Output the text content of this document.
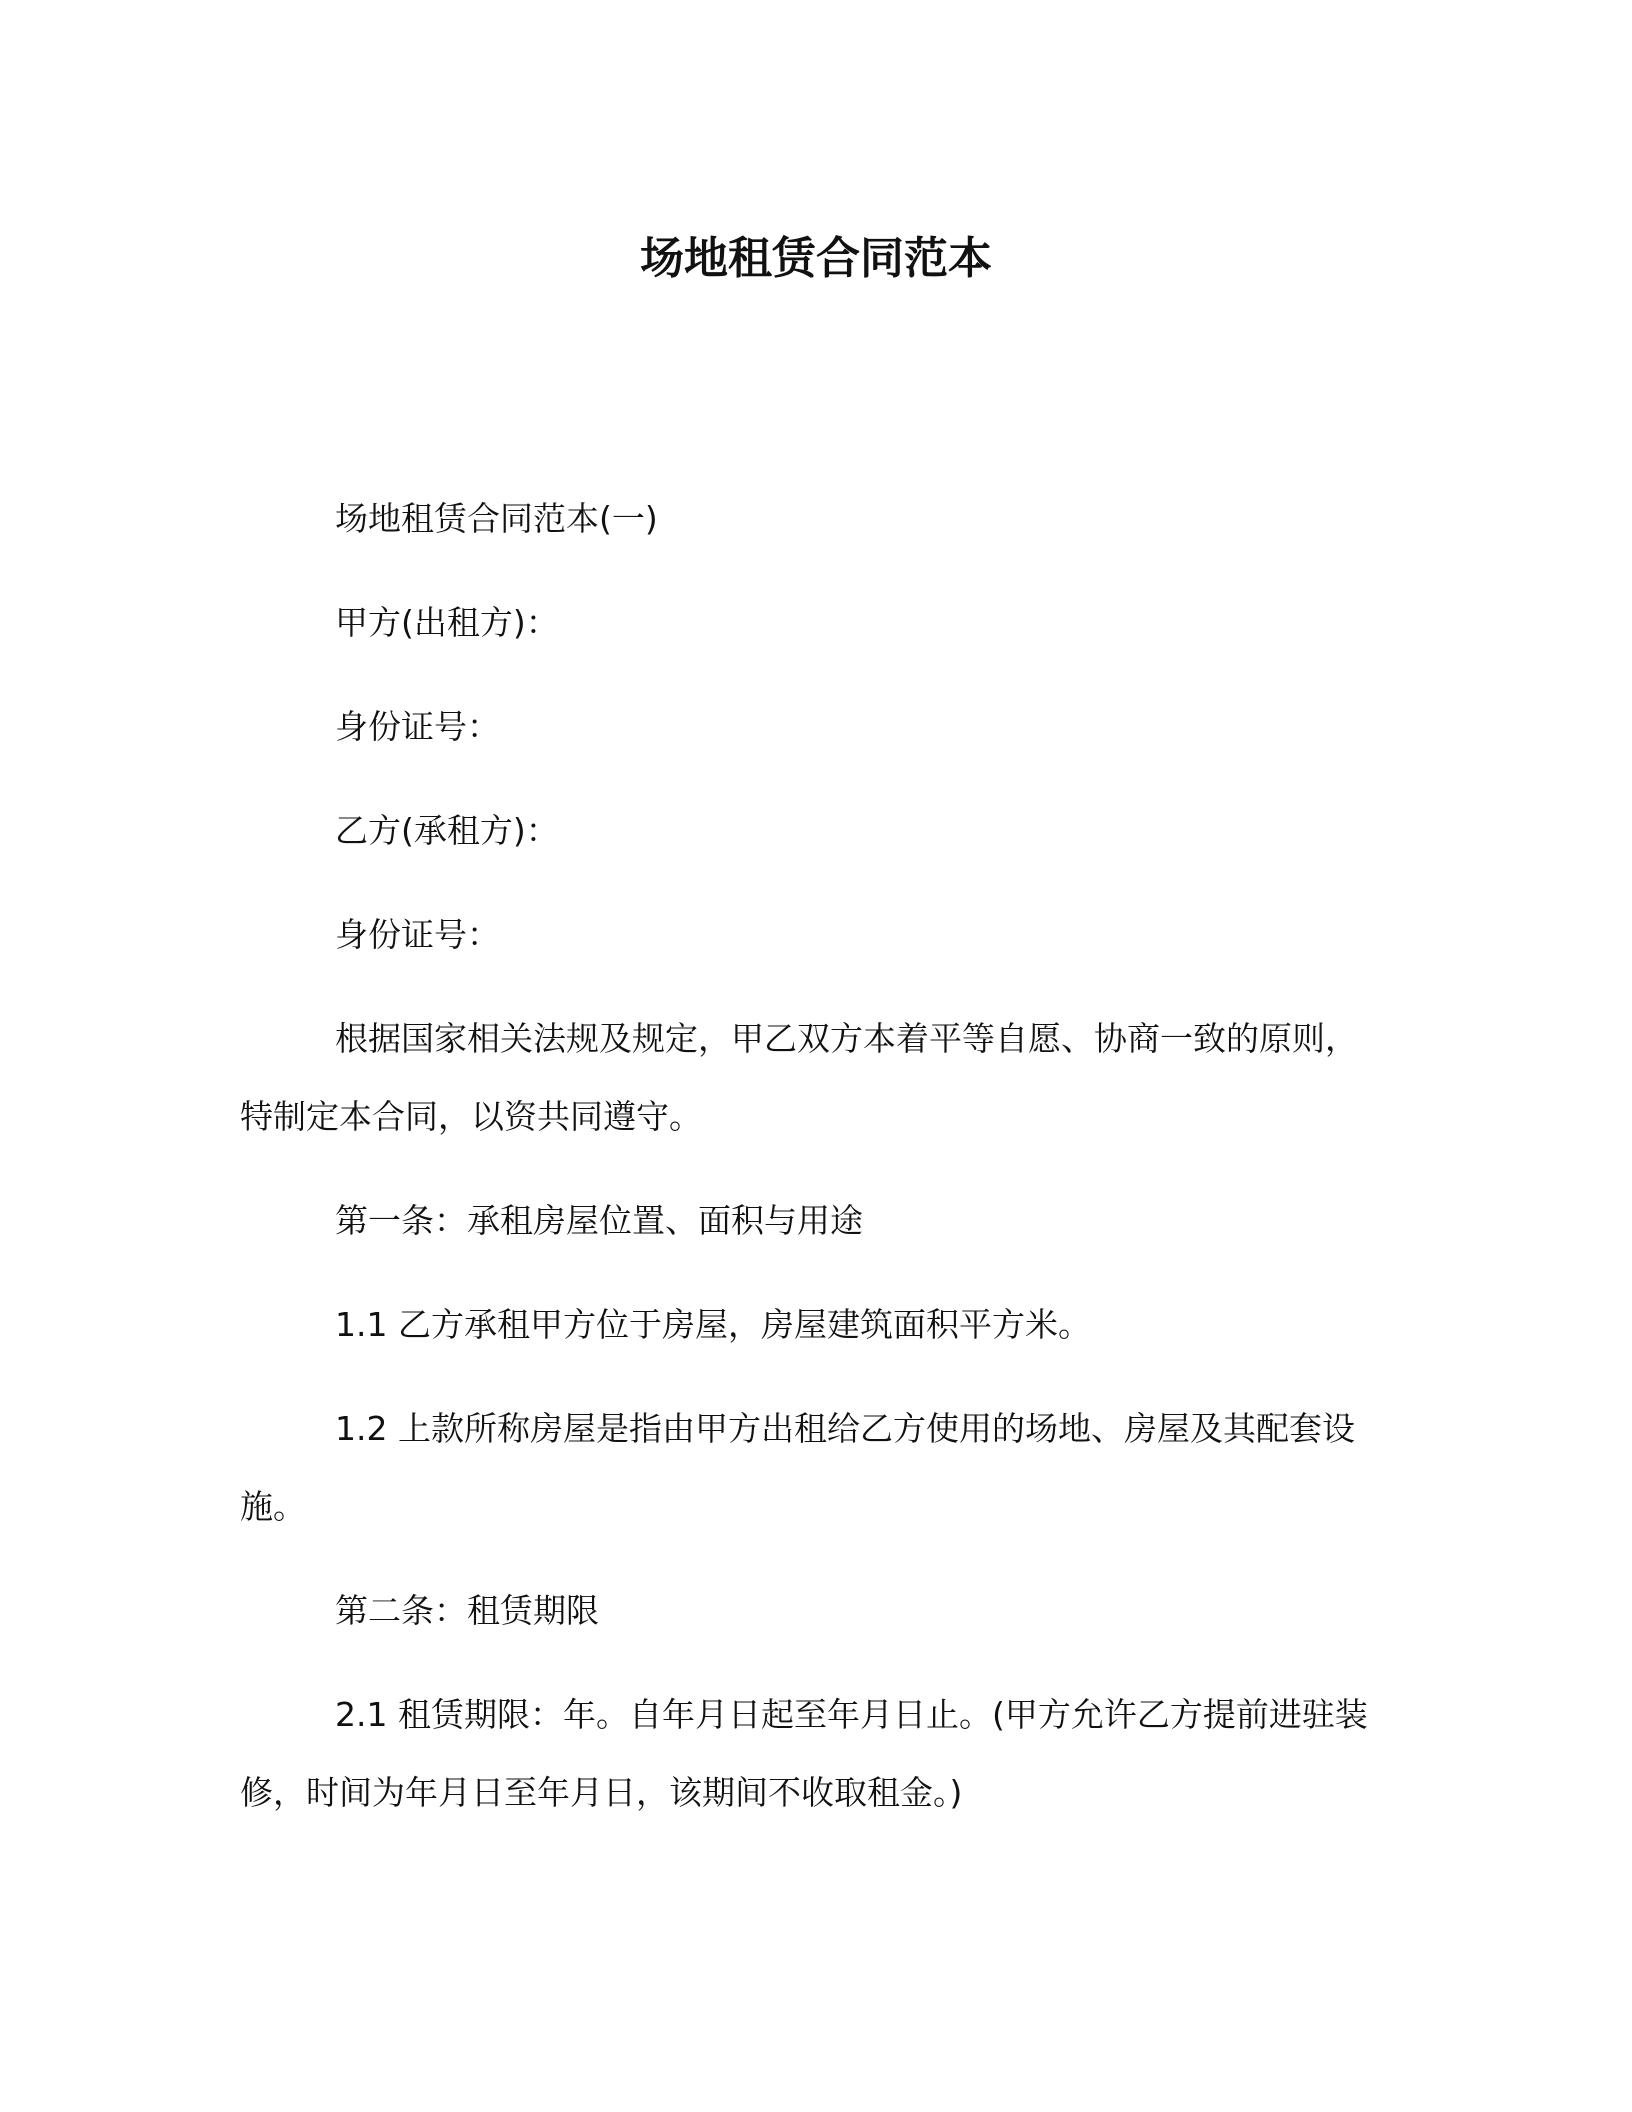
场地租赁合同范本

场地租赁合同范本(一)

甲方(出租方)：

身份证号：

乙方(承租方)：

身份证号：

根据国家相关法规及规定，甲乙双方本着平等自愿、协商一致的原则，特制定本合同，以资共同遵守。

第一条：承租房屋位置、面积与用途

1.1 乙方承租甲方位于房屋，房屋建筑面积平方米。

1.2 上款所称房屋是指由甲方出租给乙方使用的场地、房屋及其配套设施。

第二条：租赁期限

2.1 租赁期限：年。自年月日起至年月日止。(甲方允许乙方提前进驻装修，时间为年月日至年月日，该期间不收取租金。)
